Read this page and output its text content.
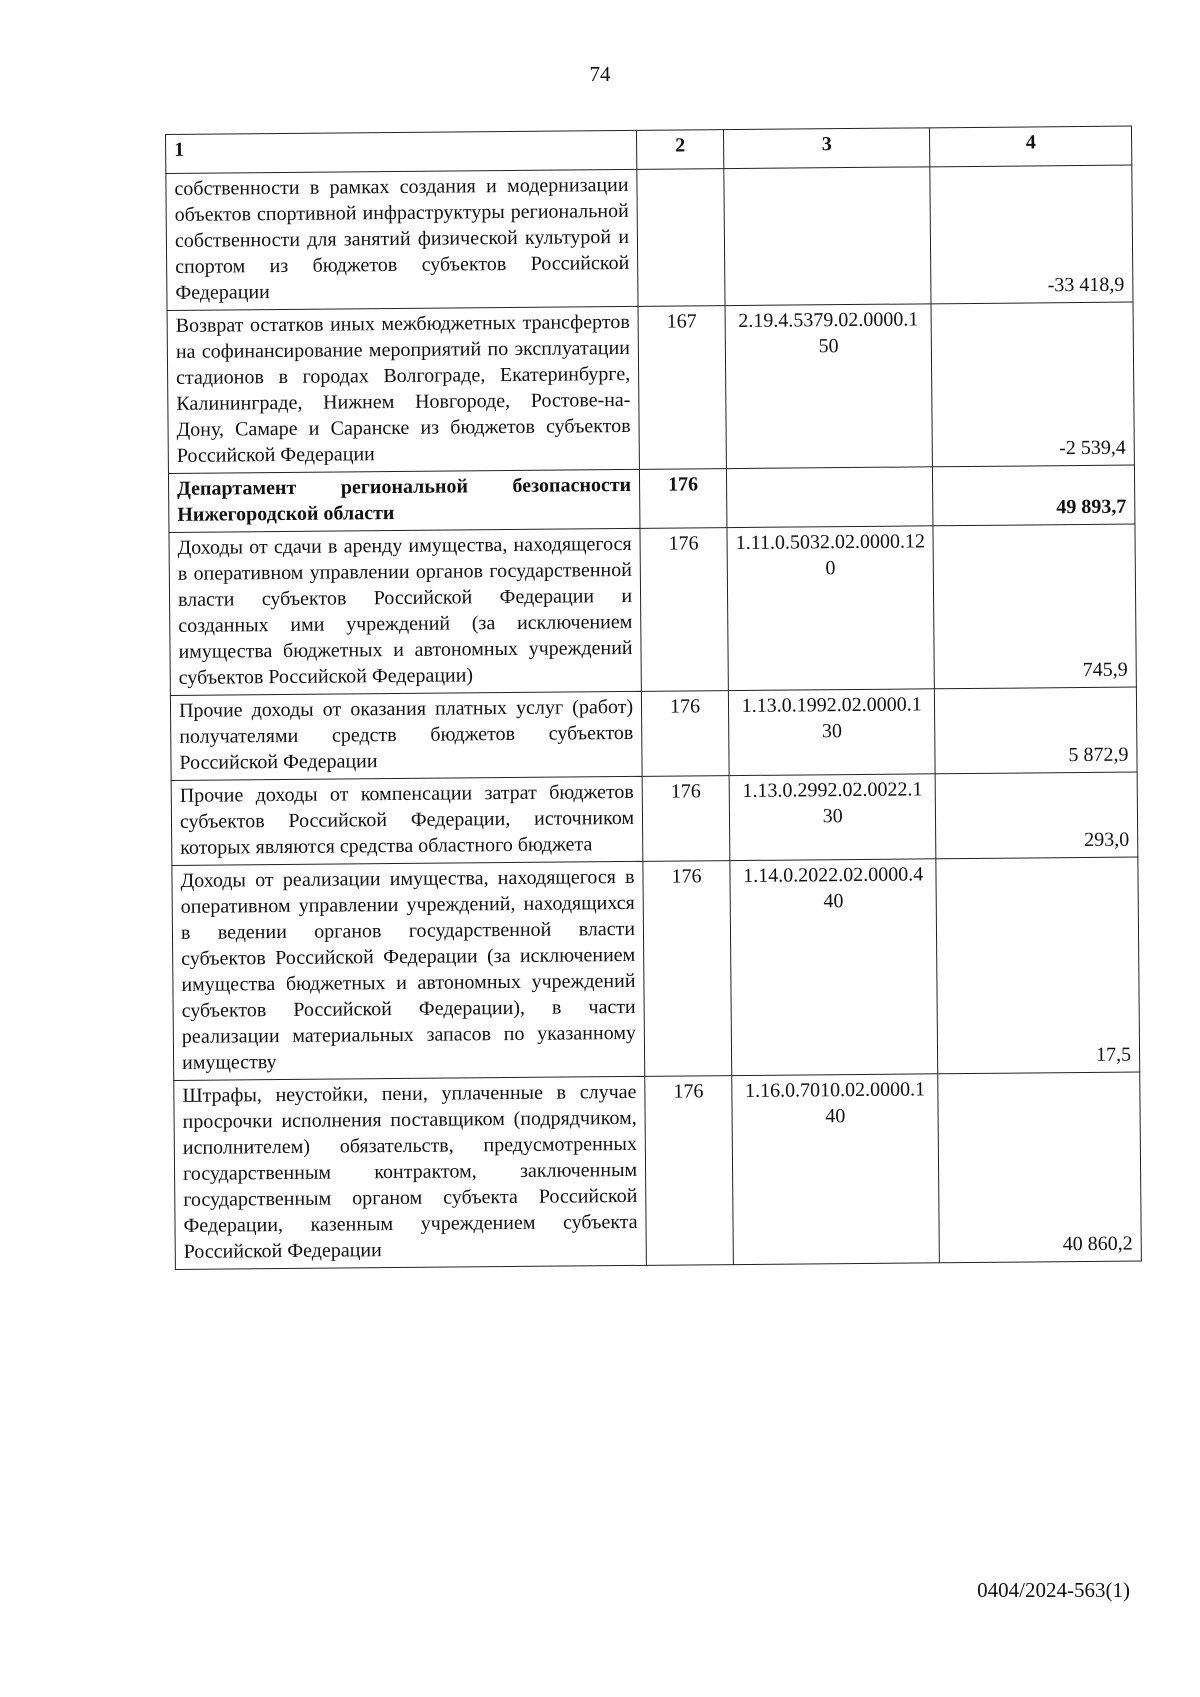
74
1	2	3	4
собственности в рамках создания и модернизации объектов спортивной инфраструктуры региональной собственности для занятий физической культурой и спортом из бюджетов субъектов Российской Федерации			-33 418,9
Возврат остатков иных межбюджетных трансфертов на софинансирование мероприятий по эксплуатации стадионов в городах Волгограде, Екатеринбурге, Калининграде, Нижнем Новгороде, Ростове-на-Дону, Самаре и Саранске из бюджетов субъектов Российской Федерации	167	2.19.4.5379.02.0000.150	-2 539,4
Департамент региональной безопасности Нижегородской области	176		49 893,7
Доходы от сдачи в аренду имущества, находящегося в оперативном управлении органов государственной власти субъектов Российской Федерации и созданных ими учреждений (за исключением имущества бюджетных и автономных учреждений субъектов Российской Федерации)	176	1.11.0.5032.02.0000.120	745,9
Прочие доходы от оказания платных услуг (работ) получателями средств бюджетов субъектов Российской Федерации	176	1.13.0.1992.02.0000.130	5 872,9
Прочие доходы от компенсации затрат бюджетов субъектов Российской Федерации, источником которых являются средства областного бюджета	176	1.13.0.2992.02.0022.130	293,0
Доходы от реализации имущества, находящегося в оперативном управлении учреждений, находящихся в ведении органов государственной власти субъектов Российской Федерации (за исключением имущества бюджетных и автономных учреждений субъектов Российской Федерации), в части реализации материальных запасов по указанному имуществу	176	1.14.0.2022.02.0000.440	17,5
Штрафы, неустойки, пени, уплаченные в случае просрочки исполнения поставщиком (подрядчиком, исполнителем) обязательств, предусмотренных государственным контрактом, заключенным государственным органом субъекта Российской Федерации, казенным учреждением субъекта Российской Федерации	176	1.16.0.7010.02.0000.140	40 860,2
0404/2024-563(1)
